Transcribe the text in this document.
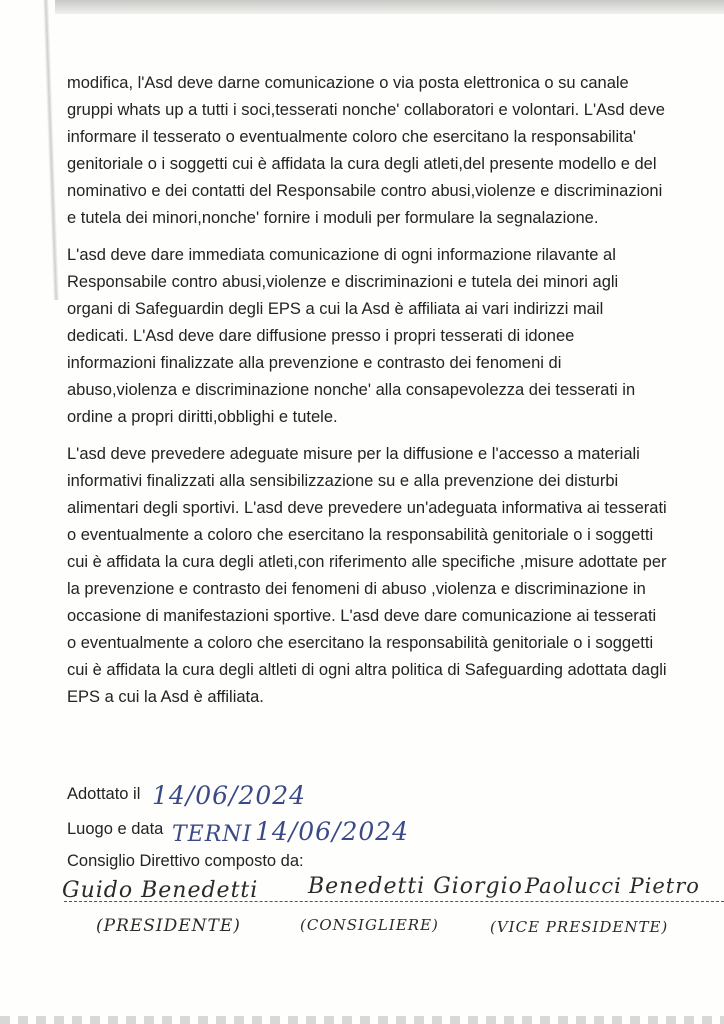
modifica, l'Asd deve darne comunicazione o via posta elettronica o su canale gruppi whats up a tutti i soci,tesserati nonche' collaboratori e volontari. L'Asd deve informare il tesserato o eventualmente coloro che esercitano la responsabilita' genitoriale o i soggetti cui è affidata la cura degli atleti,del presente modello e del nominativo e dei contatti del Responsabile contro abusi,violenze e discriminazioni e tutela dei minori,nonche' fornire i moduli per formulare la segnalazione.

L'asd deve dare immediata comunicazione di ogni informazione rilavante al Responsabile contro abusi,violenze e discriminazioni e tutela dei minori agli organi di Safeguardin degli EPS a cui la Asd è affiliata ai vari indirizzi mail dedicati. L'Asd deve dare diffusione presso i propri tesserati di idonee informazioni finalizzate alla prevenzione e contrasto dei fenomeni di abuso,violenza e discriminazione nonche' alla consapevolezza dei tesserati in ordine a propri diritti,obblighi e tutele.

L'asd deve prevedere adeguate misure per la diffusione e l'accesso a materiali informativi finalizzati alla sensibilizzazione su e alla prevenzione dei disturbi alimentari degli sportivi. L'asd deve prevedere un'adeguata informativa ai tesserati o eventualmente a coloro che esercitano la responsabilità genitoriale o i soggetti cui è affidata la cura degli atleti,con riferimento alle specifiche ,misure adottate per la prevenzione e contrasto dei fenomeni di abuso ,violenza e discriminazione in occasione di manifestazioni sportive. L'asd deve dare comunicazione ai tesserati o eventualmente a coloro che esercitano la responsabilità genitoriale o i soggetti cui è affidata la cura degli altleti di ogni altra politica di Safeguarding adottata dagli EPS a cui la Asd è affiliata.

Adottato il 14/06/2024
Luogo e data TERNI 14/06/2024
Consiglio Direttivo composto da:
Guido Benedetti Benedetti Giorgio Paolucci Pietro
(PRESIDENTE)	(CONSIGLIERE)	(VICE PRESIDENTE)
